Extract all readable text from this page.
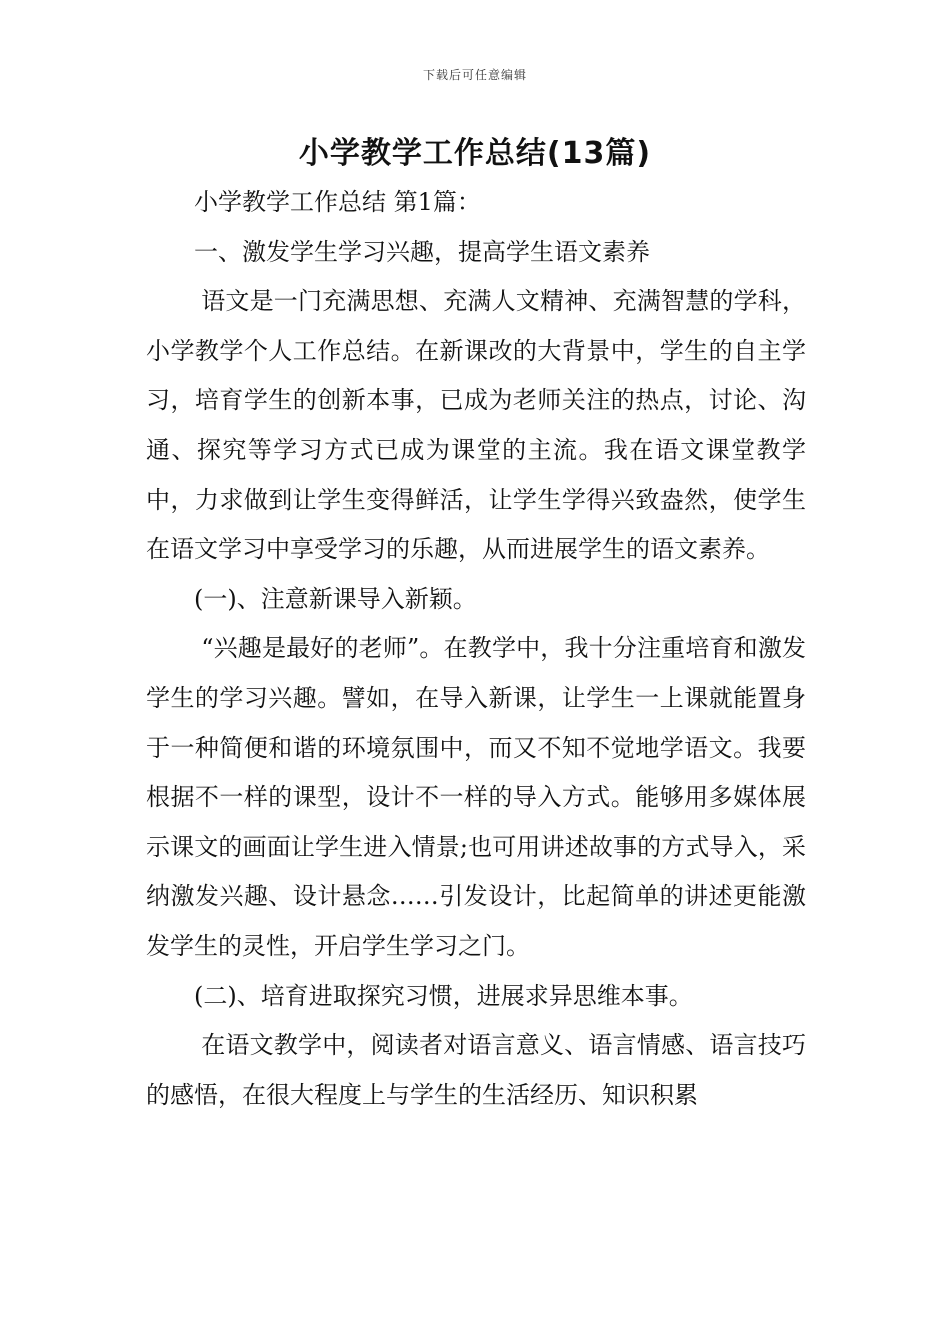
下载后可任意编辑
小学教学工作总结(13篇)

小学教学工作总结 第1篇：

一、激发学生学习兴趣，提高学生语文素养

语文是一门充满思想、充满人文精神、充满智慧的学科，小学教学个人工作总结。在新课改的大背景中，学生的自主学习，培育学生的创新本事，已成为老师关注的热点，讨论、沟通、探究等学习方式已成为课堂的主流。我在语文课堂教学中，力求做到让学生变得鲜活，让学生学得兴致盎然，使学生在语文学习中享受学习的乐趣，从而进展学生的语文素养。

(一)、注意新课导入新颖。

“兴趣是最好的老师”。在教学中，我十分注重培育和激发学生的学习兴趣。譬如，在导入新课，让学生一上课就能置身于一种简便和谐的环境氛围中，而又不知不觉地学语文。我要根据不一样的课型，设计不一样的导入方式。能够用多媒体展示课文的画面让学生进入情景;也可用讲述故事的方式导入，采纳激发兴趣、设计悬念……引发设计，比起简单的讲述更能激发学生的灵性，开启学生学习之门。

(二)、培育进取探究习惯，进展求异思维本事。

在语文教学中，阅读者对语言意义、语言情感、语言技巧的感悟，在很大程度上与学生的生活经历、知识积累
